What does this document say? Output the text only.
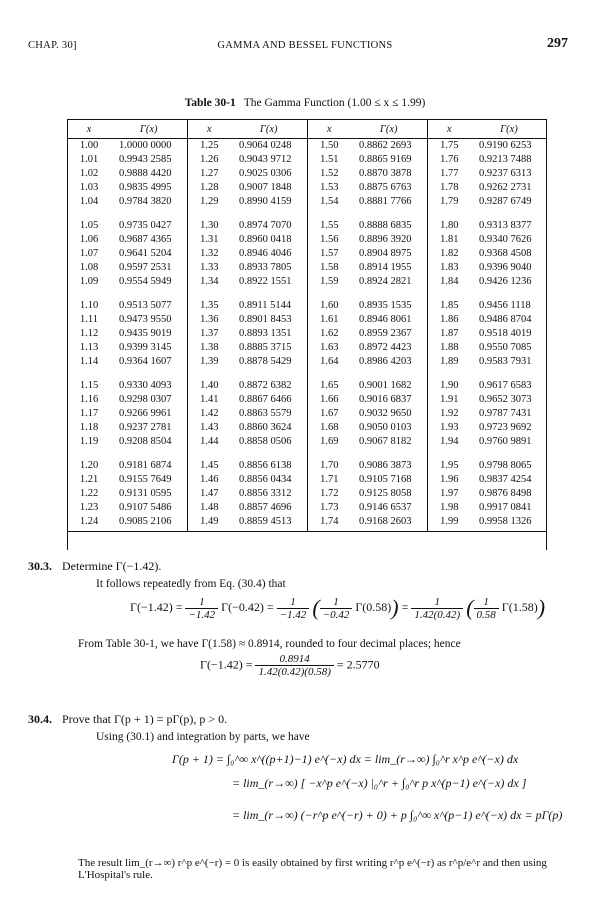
CHAP. 30]	GAMMA AND BESSEL FUNCTIONS	297
Table 30-1 The Gamma Function (1.00 ≤ x ≤ 1.99)
x	Γ(x)	x	Γ(x)	x	Γ(x)	x	Γ(x)
1.00	1.0000 0000	1.25	0.9064 0248	1.50	0.8862 2693	1.75	0.9190 6253
1.01	0.9943 2585	1.26	0.9043 9712	1.51	0.8865 9169	1.76	0.9213 7488
1.02	0.9888 4420	1.27	0.9025 0306	1.52	0.8870 3878	1.77	0.9237 6313
1.03	0.9835 4995	1.28	0.9007 1848	1.53	0.8875 6763	1.78	0.9262 2731
1.04	0.9784 3820	1.29	0.8990 4159	1.54	0.8881 7766	1.79	0.9287 6749

1.05	0.9735 0427	1.30	0.8974 7070	1.55	0.8888 6835	1.80	0.9313 8377
1.06	0.9687 4365	1.31	0.8960 0418	1.56	0.8896 3920	1.81	0.9340 7626
1.07	0.9641 5204	1.32	0.8946 4046	1.57	0.8904 8975	1.82	0.9368 4508
1.08	0.9597 2531	1.33	0.8933 7805	1.58	0.8914 1955	1.83	0.9396 9040
1.09	0.9554 5949	1.34	0.8922 1551	1.59	0.8924 2821	1.84	0.9426 1236

1.10	0.9513 5077	1.35	0.8911 5144	1.60	0.8935 1535	1.85	0.9456 1118
1.11	0.9473 9550	1.36	0.8901 8453	1.61	0.8946 8061	1.86	0.9486 8704
1.12	0.9435 9019	1.37	0.8893 1351	1.62	0.8959 2367	1.87	0.9518 4019
1.13	0.9399 3145	1.38	0.8885 3715	1.63	0.8972 4423	1.88	0.9550 7085
1.14	0.9364 1607	1.39	0.8878 5429	1.64	0.8986 4203	1.89	0.9583 7931

1.15	0.9330 4093	1.40	0.8872 6382	1.65	0.9001 1682	1.90	0.9617 6583
1.16	0.9298 0307	1.41	0.8867 6466	1.66	0.9016 6837	1.91	0.9652 3073
1.17	0.9266 9961	1.42	0.8863 5579	1.67	0.9032 9650	1.92	0.9787 7431
1.18	0.9237 2781	1.43	0.8860 3624	1.68	0.9050 0103	1.93	0.9723 9692
1.19	0.9208 8504	1.44	0.8858 0506	1.69	0.9067 8182	1.94	0.9760 9891

1.20	0.9181 6874	1.45	0.8856 6138	1.70	0.9086 3873	1.95	0.9798 8065
1.21	0.9155 7649	1.46	0.8856 0434	1.71	0.9105 7168	1.96	0.9837 4254
1.22	0.9131 0595	1.47	0.8856 3312	1.72	0.9125 8058	1.97	0.9876 8498
1.23	0.9107 5486	1.48	0.8857 4696	1.73	0.9146 6537	1.98	0.9917 0841
1.24	0.9085 2106	1.49	0.8859 4513	1.74	0.9168 2603	1.99	0.9958 1326
30.3. Determine Γ(−1.42).
It follows repeatedly from Eq. (30.4) that
$\Gamma(-1.42) = \frac{1}{-1.42} \Gamma(-0.42) = \frac{1}{-1.42}$ ( $\frac{1}{-0.42} \Gamma(0.58)) = \frac{1}{1.42(0.42)}$ ( $\frac{1}{0.58} \Gamma(1.58)$)
From Table 30-1, we have Γ(1.58) ≈ 0.8914, rounded to four decimal places; hence
$\Gamma(-1.42) = \frac{0.8914}{1.42(0.42)(0.58)} = 2.5770$
30.4. Prove that Γ(p + 1) = pΓ(p), p > 0.
Using (30.1) and integration by parts, we have
Γ(p + 1) = ∫₀^∞ x^((p+1)−1) e^(−x) dx = lim_(r→∞) ∫₀^r x^p e^(−x) dx
= lim_(r→∞) [ −x^p e^(−x) |₀^r + ∫₀^r p x^(p−1) e^(−x) dx ]
= lim_(r→∞) (−r^p e^(−r) + 0) + p ∫₀^∞ x^(p−1) e^(−x) dx = pΓ(p)
The result lim_(r→∞) r^p e^(−r) = 0 is easily obtained by first writing r^p e^(−r) as r^p/e^r and then using L'Hospital's rule.
